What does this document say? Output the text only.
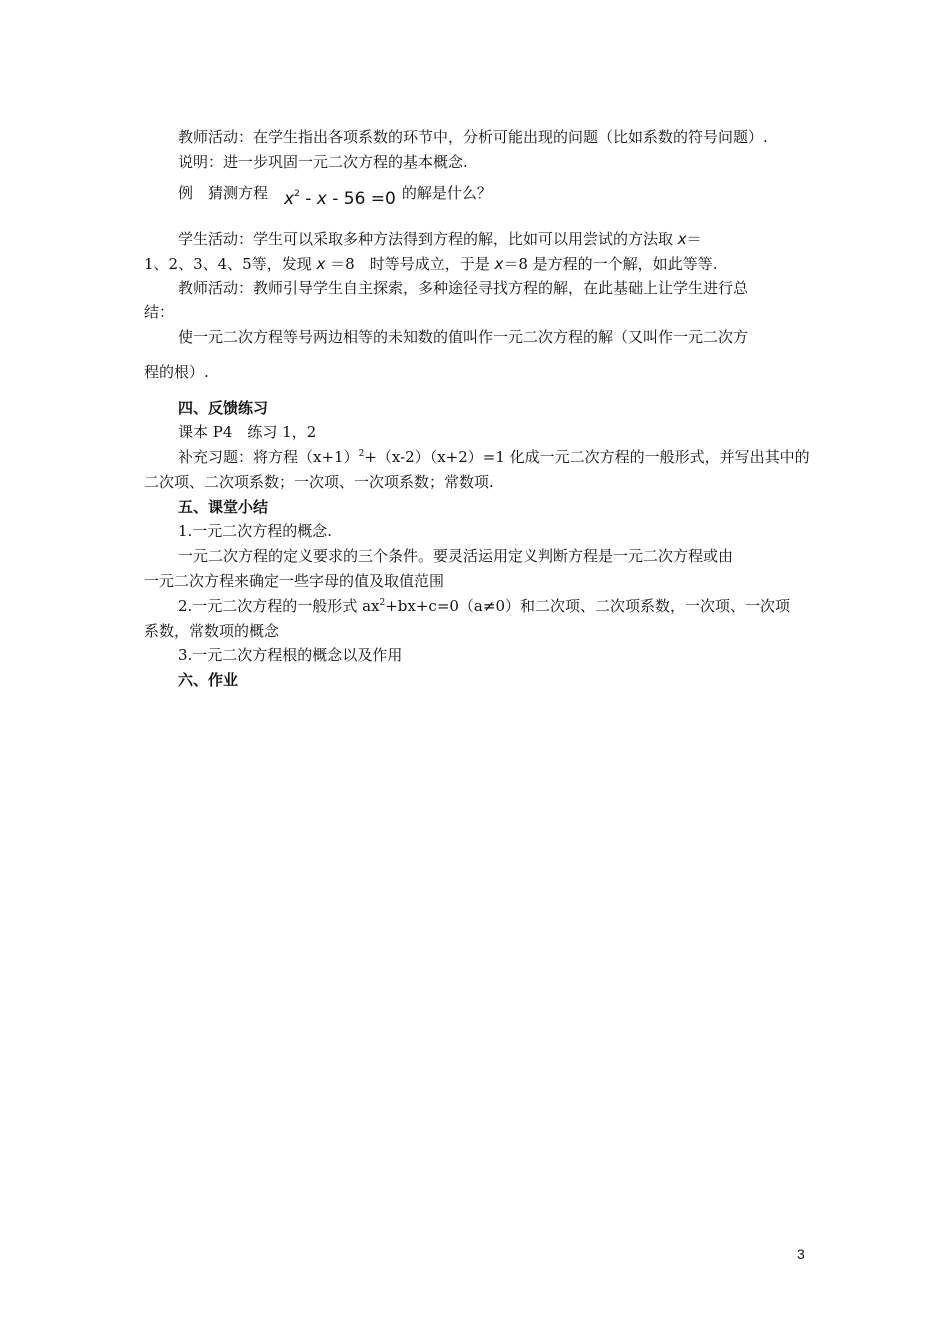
教师活动：在学生指出各项系数的环节中，分析可能出现的问题（比如系数的符号问题）.
说明：进一步巩固一元二次方程的基本概念.
例　猜测方程 $x^2 - x - 56 =0$ 的解是什么？
学生活动：学生可以采取多种方法得到方程的解，比如可以用尝试的方法取 x＝
1、2、3、4、5等，发现 x ＝8　时等号成立，于是 x＝8 是方程的一个解，如此等等.
教师活动：教师引导学生自主探索，多种途径寻找方程的解，在此基础上让学生进行总
结：
使一元二次方程等号两边相等的未知数的值叫作一元二次方程的解（又叫作一元二次方
程的根）.
四、反馈练习
课本 P4　练习 1，2
补充习题：将方程$(x+1)^2+(x-2)(x+2)=1$ 化成一元二次方程的一般形式，并写出其中的
二次项、二次项系数；一次项、一次项系数；常数项.
五、课堂小结
1.一元二次方程的概念.
一元二次方程的定义要求的三个条件。要灵活运用定义判断方程是一元二次方程或由
一元二次方程来确定一些字母的值及取值范围
2.一元二次方程的一般形式 $ax^2+bx+c=0(a\ne 0)$和二次项、二次项系数，一次项、一次项
系数，常数项的概念
3.一元二次方程根的概念以及作用
六、作业
3
